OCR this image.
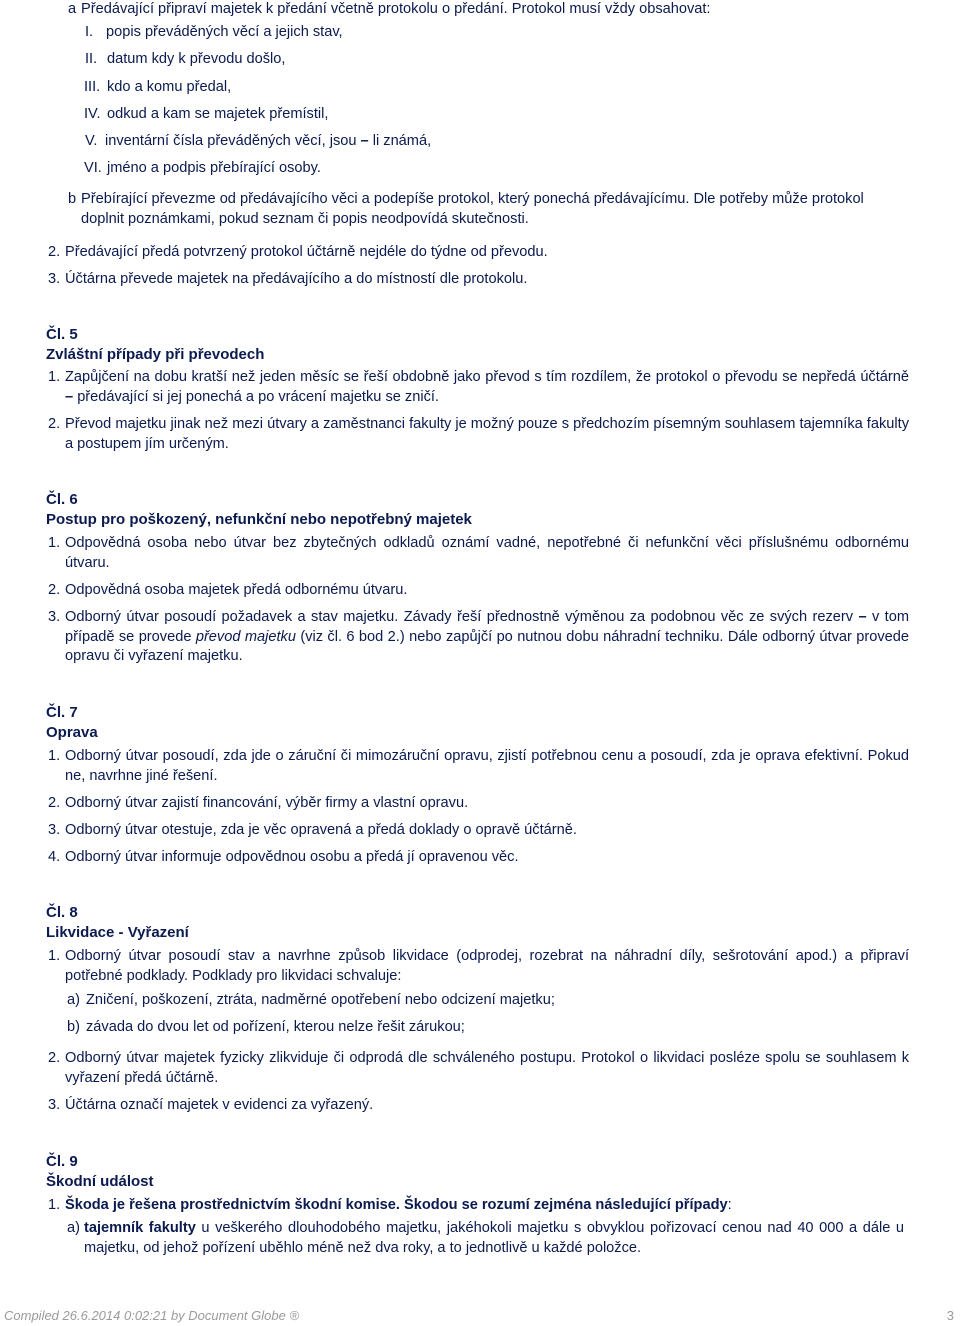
a Předávající připraví majetek k předání včetně protokolu o předání. Protokol musí vždy obsahovat:
I. popis převáděných věcí a jejich stav,
II. datum kdy k převodu došlo,
III. kdo a komu předal,
IV. odkud a kam se majetek přemístil,
V. inventární čísla převáděných věcí, jsou – li známá,
VI. jméno a podpis přebírající osoby.
b Přebírající převezme od předávajícího věci a podepíše protokol, který ponechá předávajícímu. Dle potřeby může protokol doplnit poznámkami, pokud seznam či popis neodpovídá skutečnosti.
2. Předávající předá potvrzený protokol účtárně nejdéle do týdne od převodu.
3. Účtárna převede majetek na předávajícího a do místností dle protokolu.
Čl. 5
Zvláštní případy při převodech
1. Zapůjčení na dobu kratší než jeden měsíc se řeší obdobně jako převod s tím rozdílem, že protokol o převodu se nepředá účtárně – předávající si jej ponechá a po vrácení majetku se zničí.
2. Převod majetku jinak než mezi útvary a zaměstnanci fakulty je možný pouze s předchozím písemným souhlasem tajemníka fakulty a postupem jím určeným.
Čl. 6
Postup pro poškozený, nefunkční nebo nepotřebný majetek
1. Odpovědná osoba nebo útvar bez zbytečných odkladů oznámí vadné, nepotřebné či nefunkční věci příslušnému odbornému útvaru.
2. Odpovědná osoba majetek předá odbornému útvaru.
3. Odborný útvar posoudí požadavek a stav majetku. Závady řeší přednostně výměnou za podobnou věc ze svých rezerv – v tom případě se provede převod majetku (viz čl. 6 bod 2.) nebo zapůjčí po nutnou dobu náhradní techniku. Dále odborný útvar provede opravu či vyřazení majetku.
Čl. 7
Oprava
1. Odborný útvar posoudí, zda jde o záruční či mimozáruční opravu, zjistí potřebnou cenu a posoudí, zda je oprava efektivní. Pokud ne, navrhne jiné řešení.
2. Odborný útvar zajistí financování, výběr firmy a vlastní opravu.
3. Odborný útvar otestuje, zda je věc opravená a předá doklady o opravě účtárně.
4. Odborný útvar informuje odpovědnou osobu a předá jí opravenou věc.
Čl. 8
Likvidace - Vyřazení
1. Odborný útvar posoudí stav a navrhne způsob likvidace (odprodej, rozebrat na náhradní díly, sešrotování apod.) a připraví potřebné podklady. Podklady pro likvidaci schvaluje:
a) Zničení, poškození, ztráta, nadměrné opotřebení nebo odcizení majetku;
b) závada do dvou let od pořízení, kterou nelze řešit zárukou;
2. Odborný útvar majetek fyzicky zlikviduje či odprodá dle schváleného postupu. Protokol o likvidaci posléze spolu se souhlasem k vyřazení předá účtárně.
3. Účtárna označí majetek v evidenci za vyřazený.
Čl. 9
Škodní událost
1. Škoda je řešena prostřednictvím škodní komise. Škodou se rozumí zejména následující případy:
a) tajemník fakulty u veškerého dlouhodobého majetku, jakéhokoli majetku s obvyklou pořizovací cenou nad 40 000 a dále u majetku, od jehož pořízení uběhlo méně než dva roky, a to jednotlivě u každé položce.
Compiled 26.6.2014 0:02:21 by Document Globe ®	3
